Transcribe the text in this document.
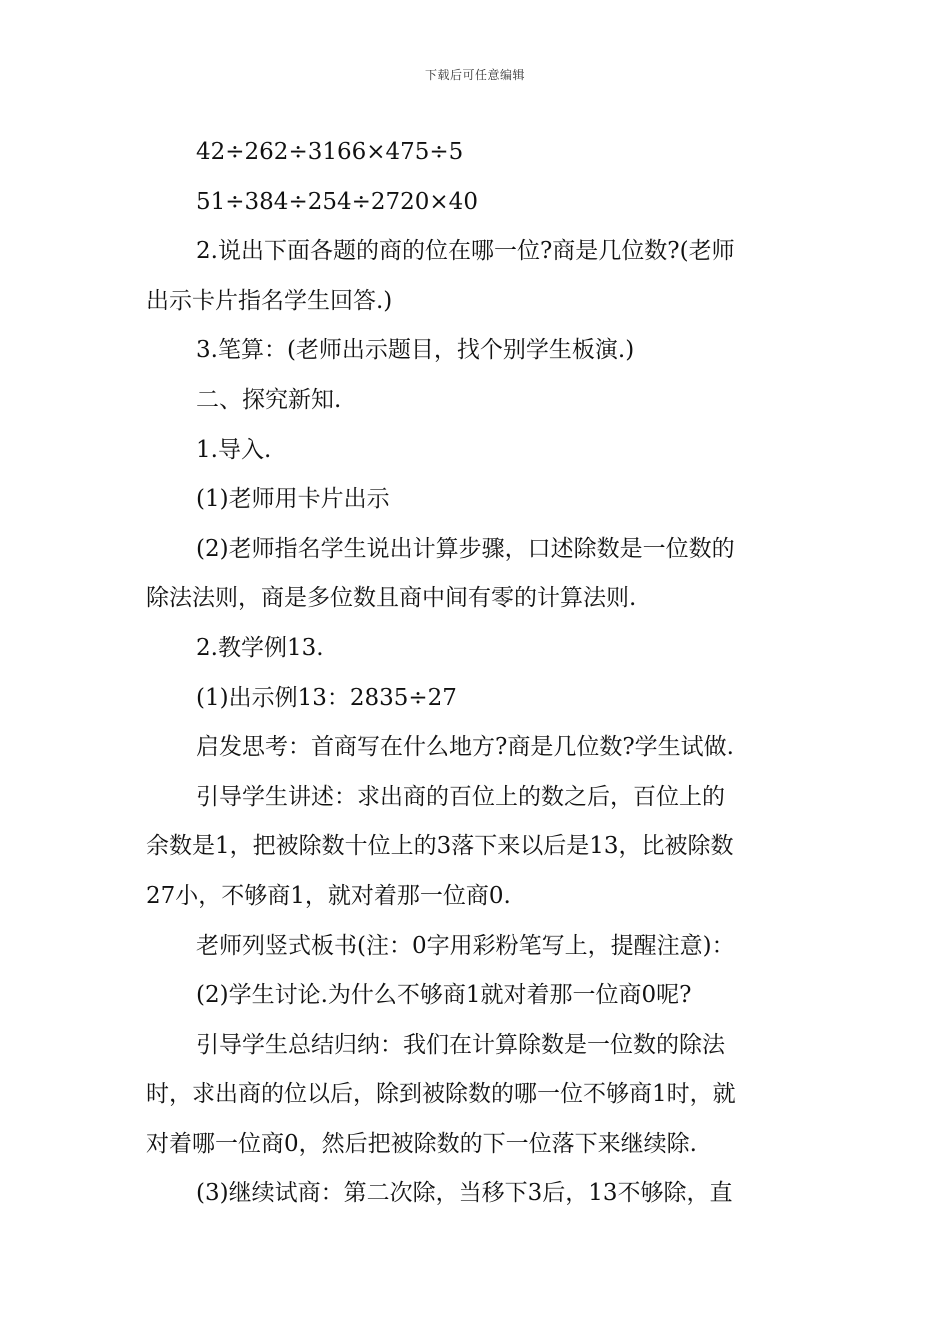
下载后可任意编辑
42÷262÷3166×475÷5
51÷384÷254÷2720×40
2.说出下面各题的商的位在哪一位?商是几位数?(老师
出示卡片指名学生回答.)
3.笔算：(老师出示题目，找个别学生板演.)
二、探究新知.
1.导入.
(1)老师用卡片出示
(2)老师指名学生说出计算步骤，口述除数是一位数的
除法法则，商是多位数且商中间有零的计算法则.
2.教学例13.
(1)出示例13：2835÷27
启发思考：首商写在什么地方?商是几位数?学生试做.
引导学生讲述：求出商的百位上的数之后，百位上的
余数是1，把被除数十位上的3落下来以后是13，比被除数
27小，不够商1，就对着那一位商0.
老师列竖式板书(注：0字用彩粉笔写上，提醒注意)：
(2)学生讨论.为什么不够商1就对着那一位商0呢?
引导学生总结归纳：我们在计算除数是一位数的除法
时，求出商的位以后，除到被除数的哪一位不够商1时，就
对着哪一位商0，然后把被除数的下一位落下来继续除.
(3)继续试商：第二次除，当移下3后，13不够除，直
